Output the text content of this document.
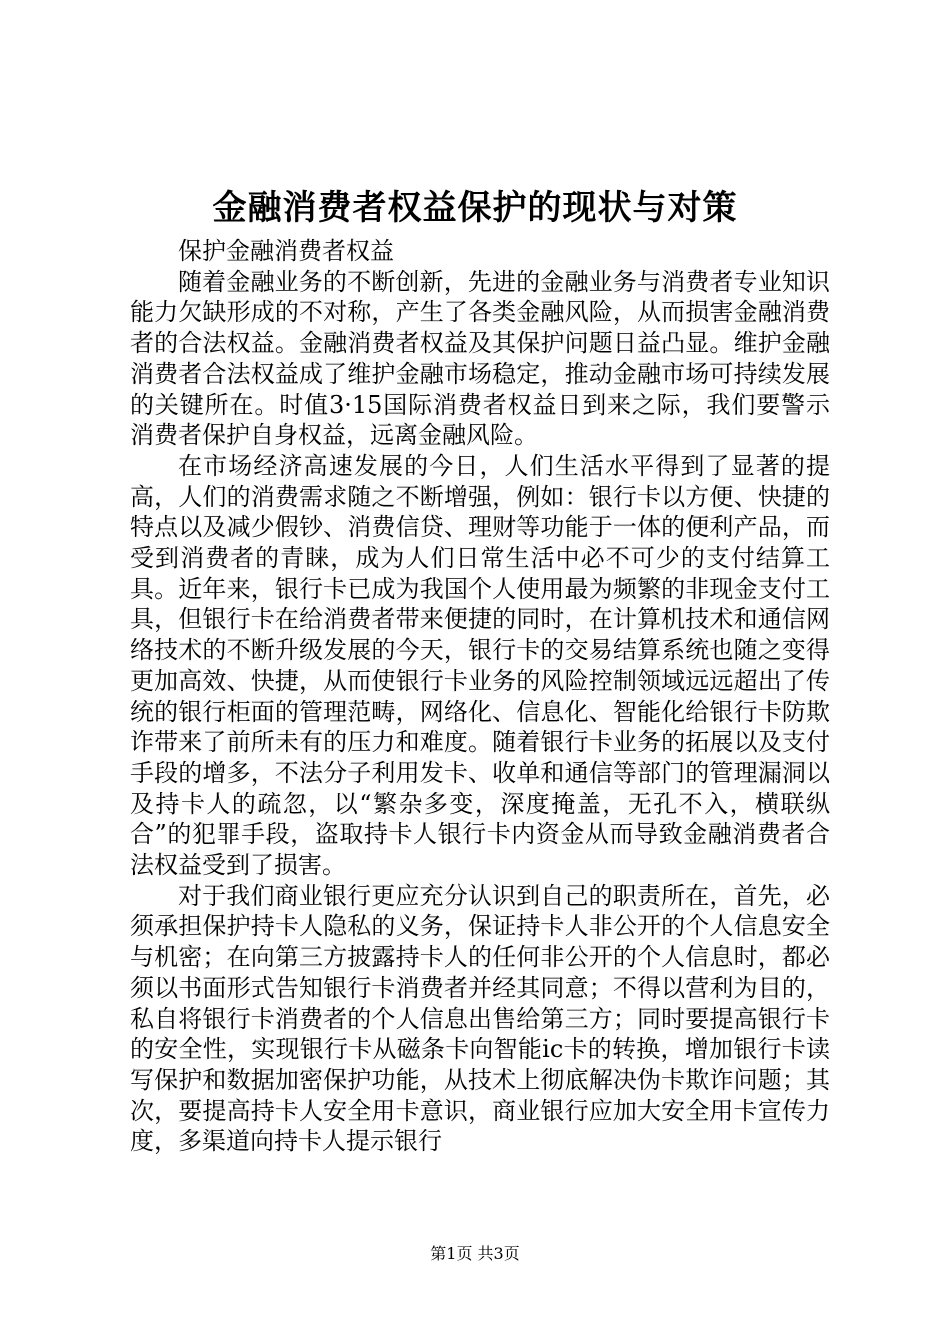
金融消费者权益保护的现状与对策

保护金融消费者权益

随着金融业务的不断创新，先进的金融业务与消费者专业知识能力欠缺形成的不对称，产生了各类金融风险，从而损害金融消费者的合法权益。金融消费者权益及其保护问题日益凸显。维护金融消费者合法权益成了维护金融市场稳定，推动金融市场可持续发展的关键所在。时值3·15国际消费者权益日到来之际，我们要警示消费者保护自身权益，远离金融风险。

在市场经济高速发展的今日，人们生活水平得到了显著的提高，人们的消费需求随之不断增强，例如：银行卡以方便、快捷的特点以及减少假钞、消费信贷、理财等功能于一体的便利产品，而受到消费者的青睐，成为人们日常生活中必不可少的支付结算工具。近年来，银行卡已成为我国个人使用最为频繁的非现金支付工具，但银行卡在给消费者带来便捷的同时，在计算机技术和通信网络技术的不断升级发展的今天，银行卡的交易结算系统也随之变得更加高效、快捷，从而使银行卡业务的风险控制领域远远超出了传统的银行柜面的管理范畴，网络化、信息化、智能化给银行卡防欺诈带来了前所未有的压力和难度。随着银行卡业务的拓展以及支付手段的增多，不法分子利用发卡、收单和通信等部门的管理漏洞以及持卡人的疏忽，以“繁杂多变，深度掩盖，无孔不入，横联纵合”的犯罪手段，盗取持卡人银行卡内资金从而导致金融消费者合法权益受到了损害。

对于我们商业银行更应充分认识到自己的职责所在，首先，必须承担保护持卡人隐私的义务，保证持卡人非公开的个人信息安全与机密；在向第三方披露持卡人的任何非公开的个人信息时，都必须以书面形式告知银行卡消费者并经其同意；不得以营利为目的，私自将银行卡消费者的个人信息出售给第三方；同时要提高银行卡的安全性，实现银行卡从磁条卡向智能ic卡的转换，增加银行卡读写保护和数据加密保护功能，从技术上彻底解决伪卡欺诈问题；其次，要提高持卡人安全用卡意识，商业银行应加大安全用卡宣传力度，多渠道向持卡人提示银行

第1页 共3页
